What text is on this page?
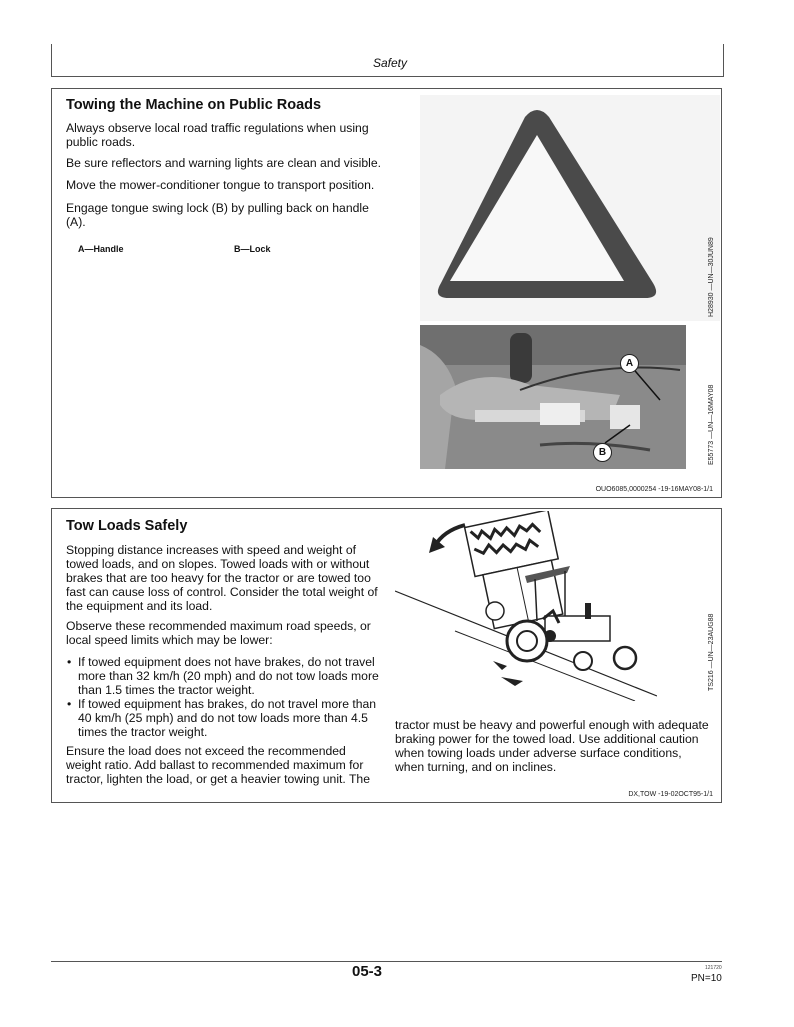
Safety
Towing the Machine on Public Roads
Always observe local road traffic regulations when using public roads.
Be sure reflectors and warning lights are clean and visible.
Move the mower-conditioner tongue to transport position.
Engage tongue swing lock (B) by pulling back on handle (A).
A—Handle	B—Lock
A
B
H28930 —UN—30JUN89
E55773 —UN—16MAY08
OUO6085,0000254 -19-16MAY08-1/1
Tow Loads Safely
Stopping distance increases with speed and weight of towed loads, and on slopes. Towed loads with or without brakes that are too heavy for the tractor or are towed too fast can cause loss of control. Consider the total weight of the equipment and its load.
Observe these recommended maximum road speeds, or local speed limits which may be lower:
• If towed equipment does not have brakes, do not travel more than 32 km/h (20 mph) and do not tow loads more than 1.5 times the tractor weight.
• If towed equipment has brakes, do not travel more than 40 km/h (25 mph) and do not tow loads more than 4.5 times the tractor weight.
Ensure the load does not exceed the recommended weight ratio. Add ballast to recommended maximum for tractor, lighten the load, or get a heavier towing unit. The
tractor must be heavy and powerful enough with adequate braking power for the towed load. Use additional caution when towing loads under adverse surface conditions, when turning, and on inclines.
TS216 —UN—23AUG88
DX,TOW -19-02OCT95-1/1
05-3	121720
PN=10
